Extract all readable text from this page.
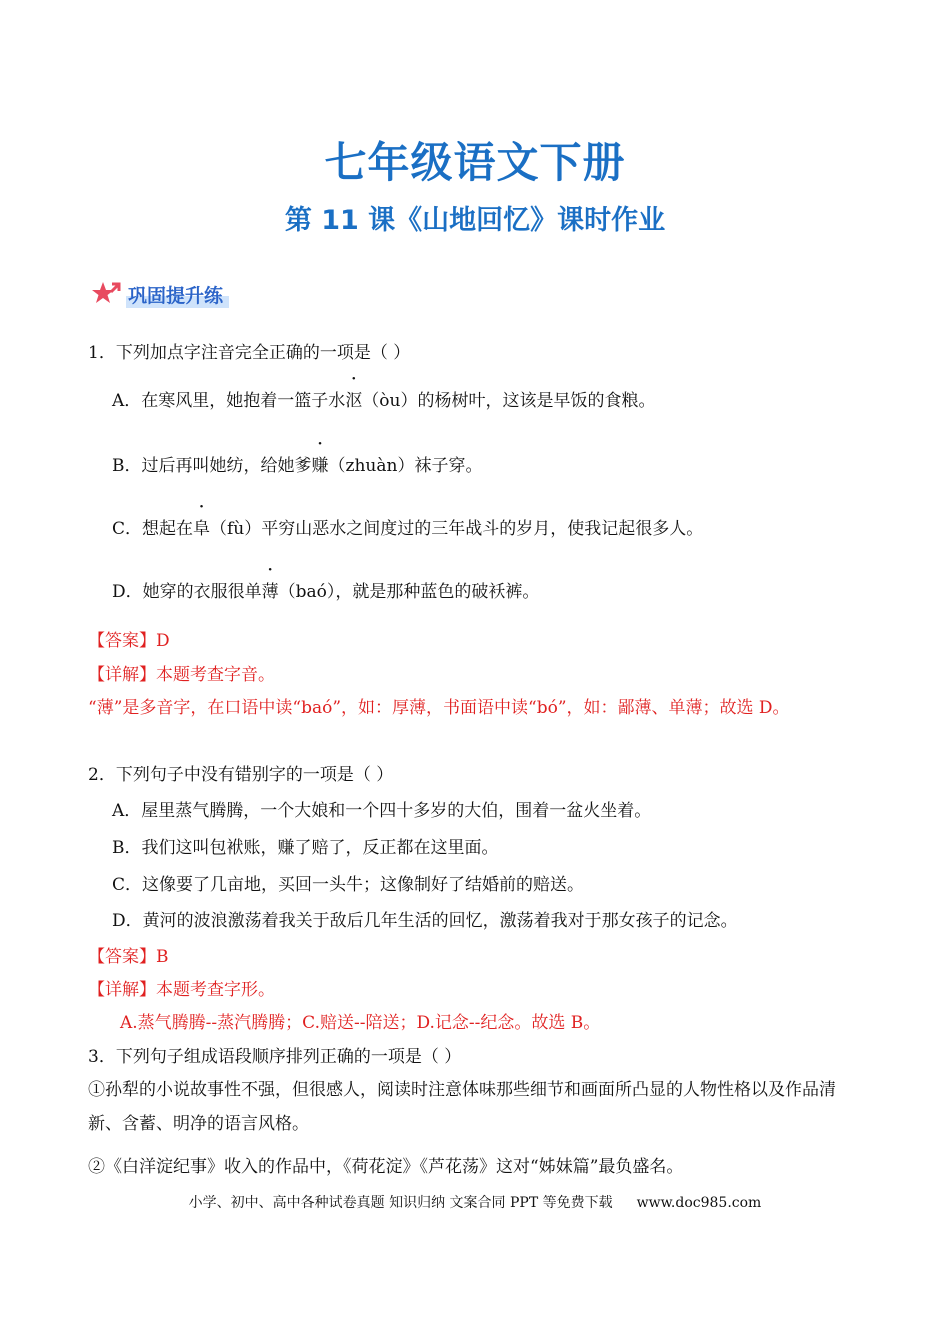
七年级语文下册
第 11 课《山地回忆》课时作业
巩固提升练
1．下列加点字注音完全正确的一项是（ ）
A．在寒风里，她抱着一篮子水沤（òu）的杨树叶，这该是早饭的食粮。
B．过后再叫她纺，给她爹赚（zhuàn）袜子穿。
C．想起在阜（fù）平穷山恶水之间度过的三年战斗的岁月，使我记起很多人。
D．她穿的衣服很单薄（baó），就是那种蓝色的破袄裤。
【答案】D
【详解】本题考查字音。
“薄”是多音字，在口语中读“baó”，如：厚薄，书面语中读“bó”，如：鄙薄、单薄；故选 D。
2．下列句子中没有错别字的一项是（ ）
A．屋里蒸气腾腾，一个大娘和一个四十多岁的大伯，围着一盆火坐着。
B．我们这叫包袱账，赚了赔了，反正都在这里面。
C．这像要了几亩地，买回一头牛；这像制好了结婚前的赔送。
D．黄河的波浪激荡着我关于敌后几年生活的回忆，激荡着我对于那女孩子的记念。
【答案】B
【详解】本题考查字形。
A.蒸气腾腾--蒸汽腾腾；C.赔送--陪送；D.记念--纪念。故选 B。
3．下列句子组成语段顺序排列正确的一项是（ ）
①孙犁的小说故事性不强，但很感人，阅读时注意体味那些细节和画面所凸显的人物性格以及作品清新、含蓄、明净的语言风格。
②《白洋淀纪事》收入的作品中，《荷花淀》《芦花荡》这对“姊妹篇”最负盛名。
小学、初中、高中各种试卷真题 知识归纳 文案合同 PPT 等免费下载 www.doc985.com
